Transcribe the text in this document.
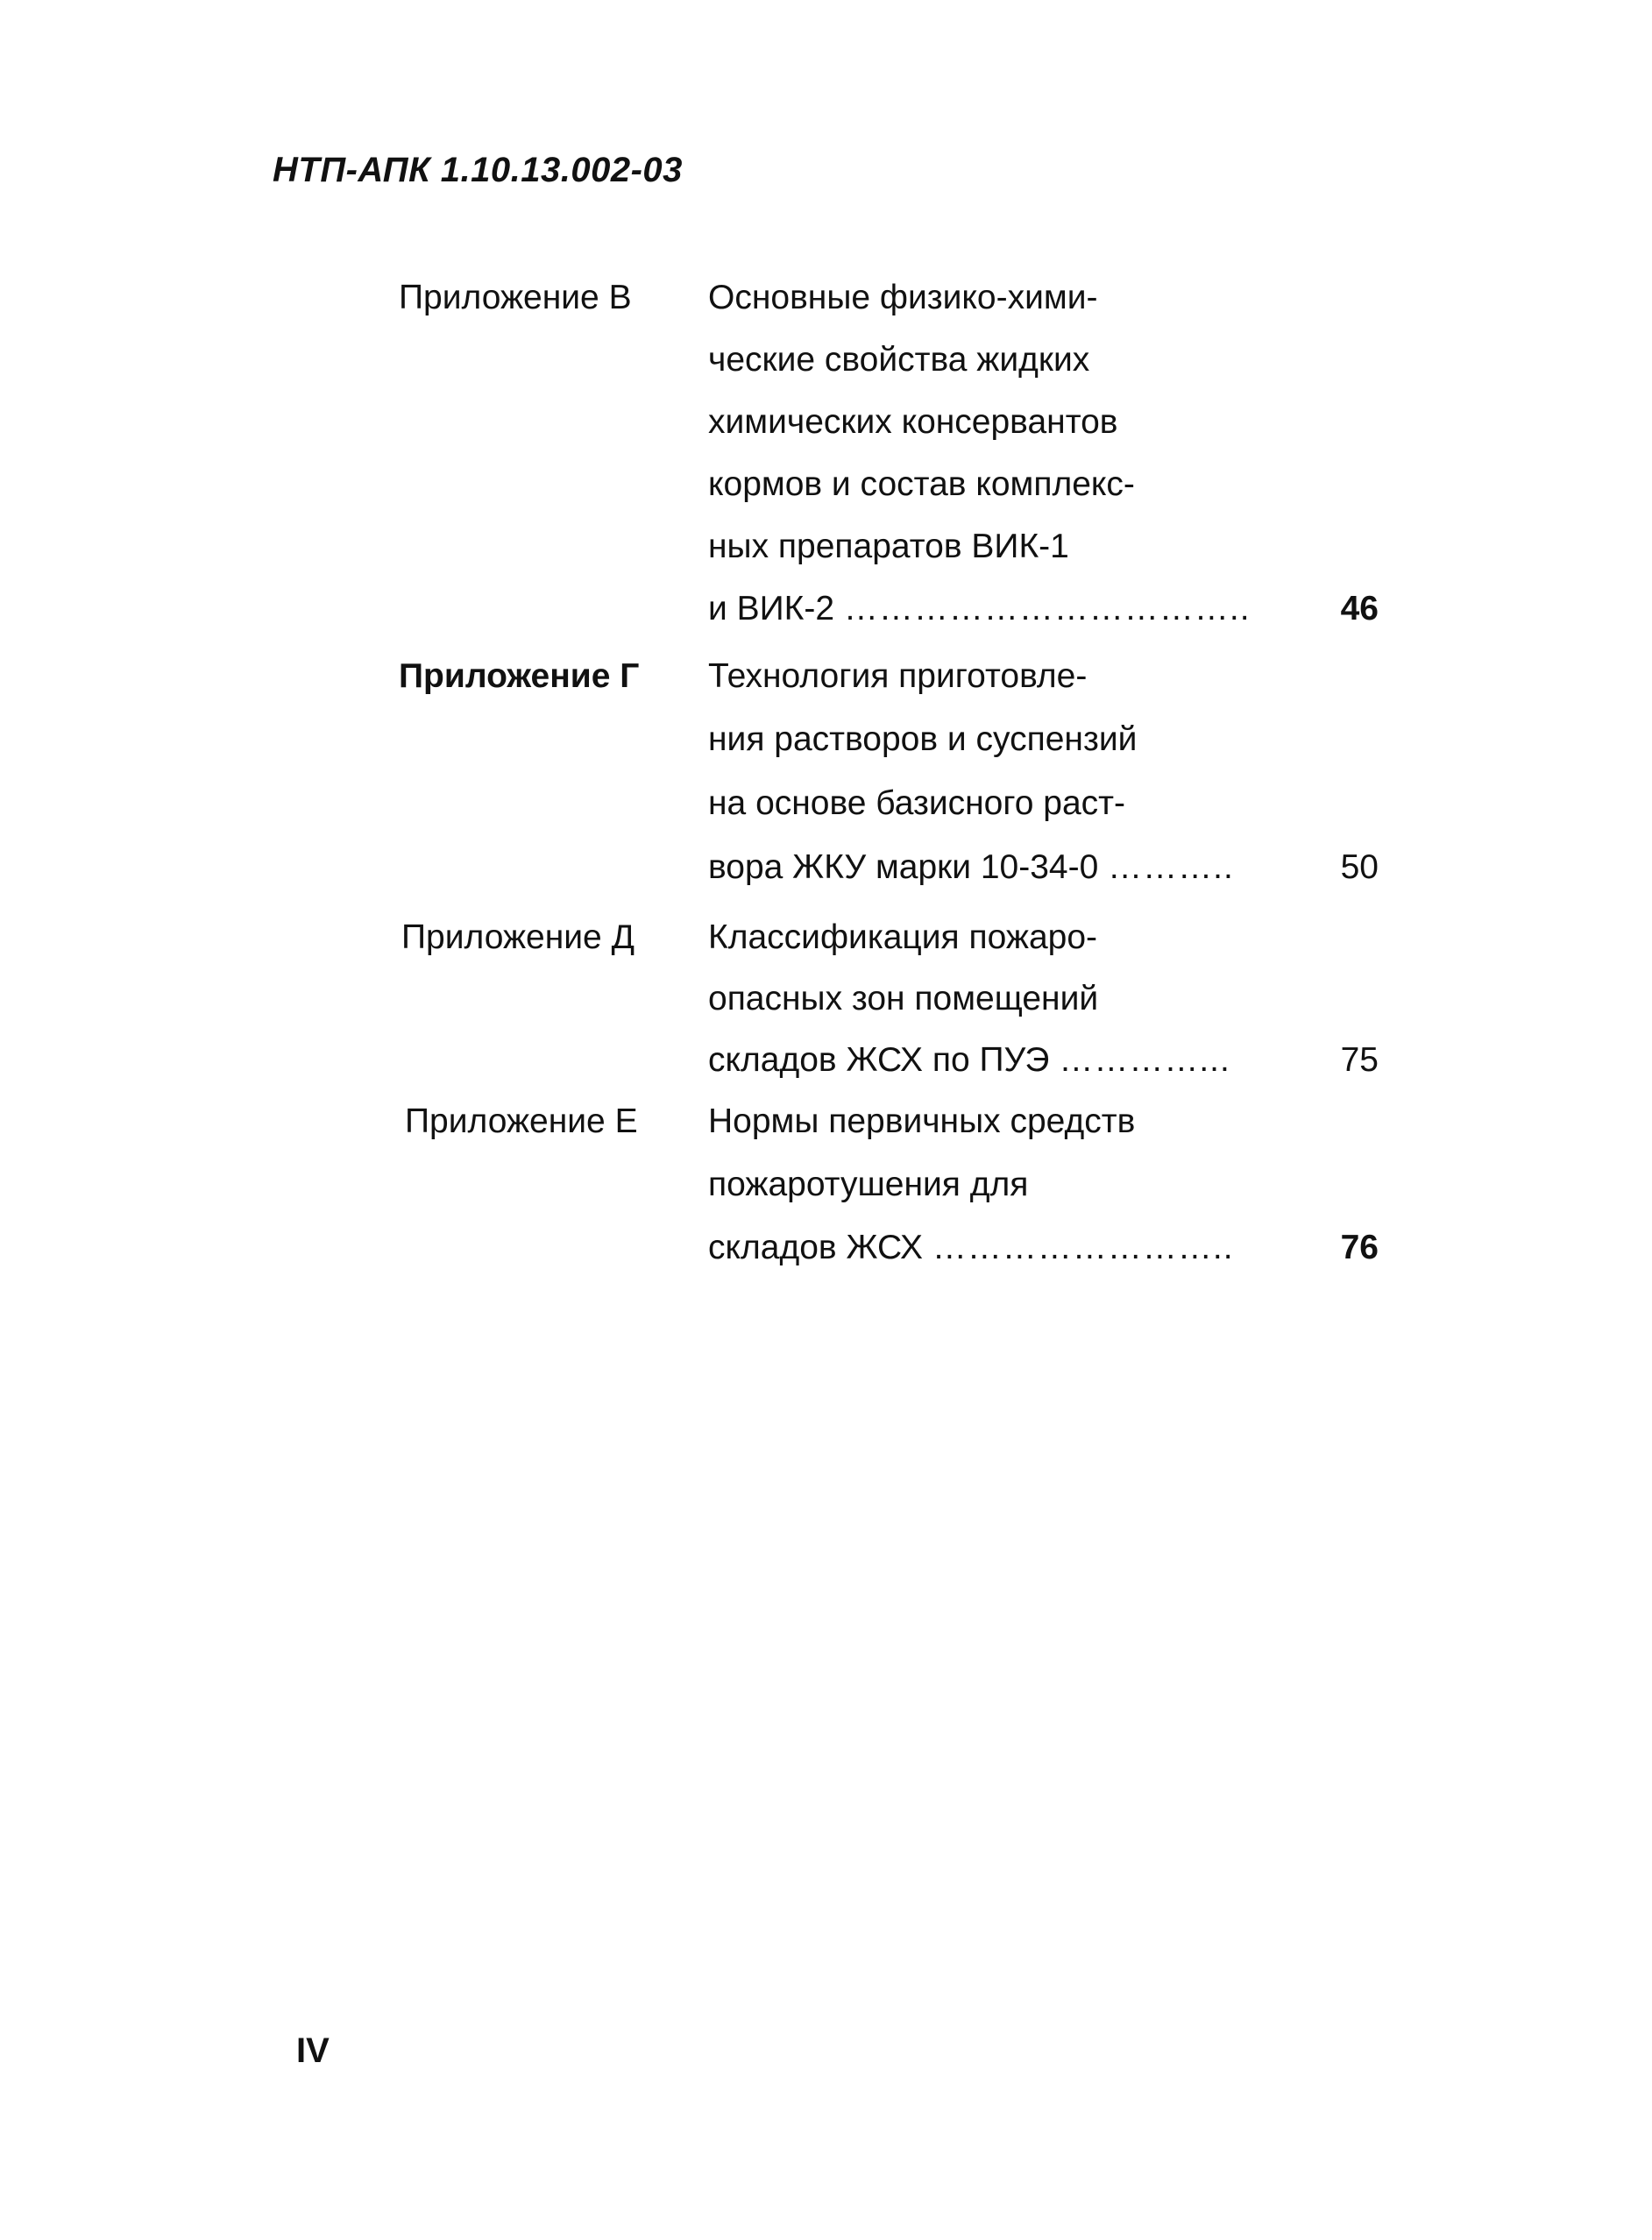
НТП-АПК 1.10.13.002-03
Приложение В Основные физико-хими-
ческие свойства жидких
химических консервантов
кормов и состав комплекс-
ных препаратов ВИК-1
и ВИК-2 ……………………………..	46
Приложение Г Технология приготовле-
ния растворов и суспензий
на основе базисного раст-
вора ЖКУ марки 10-34-0 ………..	50
Приложение Д Классификация пожаро-
опасных зон помещений
складов ЖСХ по ПУЭ …………...	75
Приложение Е Нормы первичных средств
пожаротушения для
складов ЖСХ ……………………..	76
IV
